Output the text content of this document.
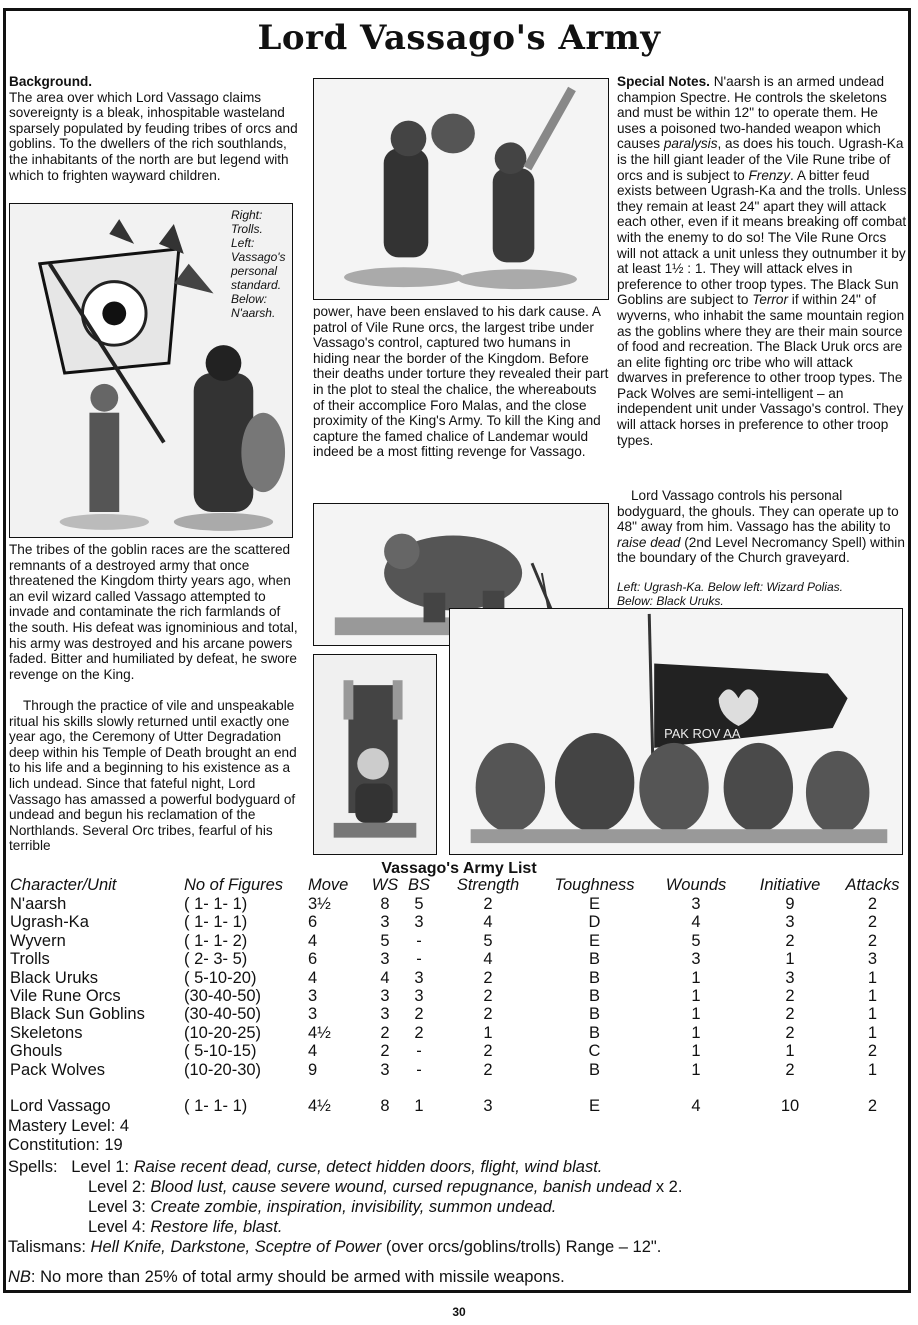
Lord Vassago's Army
Background.
The area over which Lord Vassago claims sovereignty is a bleak, inhospitable wasteland sparsely populated by feuding tribes of orcs and goblins. To the dwellers of the rich southlands, the inhabitants of the north are but legend with which to frighten wayward children.
Right:
Trolls.
Left:
Vassago's
personal
standard.
Below:
N'aarsh.
The tribes of the goblin races are the scattered remnants of a destroyed army that once threatened the Kingdom thirty years ago, when an evil wizard called Vassago attempted to invade and contaminate the rich farmlands of the south. His defeat was ignominious and total, his army was destroyed and his arcane powers faded. Bitter and humiliated by defeat, he swore revenge on the King.
Through the practice of vile and unspeakable ritual his skills slowly returned until exactly one year ago, the Ceremony of Utter Degradation deep within his Temple of Death brought an end to his life and a beginning to his existence as a lich undead. Since that fateful night, Lord Vassago has amassed a powerful bodyguard of undead and begun his reclamation of the Northlands. Several Orc tribes, fearful of his terrible
power, have been enslaved to his dark cause. A patrol of Vile Rune orcs, the largest tribe under Vassago's control, captured two humans in hiding near the border of the Kingdom. Before their deaths under torture they revealed their part in the plot to steal the chalice, the whereabouts of their accomplice Foro Malas, and the close proximity of the King's Army. To kill the King and capture the famed chalice of Landemar would indeed be a most fitting revenge for Vassago.
PAK ROV AA
Special Notes. N'aarsh is an armed undead champion Spectre. He controls the skeletons and must be within 12" to operate them. He uses a poisoned two-handed weapon which causes paralysis, as does his touch. Ugrash-Ka is the hill giant leader of the Vile Rune tribe of orcs and is subject to Frenzy. A bitter feud exists between Ugrash-Ka and the trolls. Unless they remain at least 24" apart they will attack each other, even if it means breaking off combat with the enemy to do so! The Vile Rune Orcs will not attack a unit unless they outnumber it by at least 1½ : 1. They will attack elves in preference to other troop types. The Black Sun Goblins are subject to Terror if within 24" of wyverns, who inhabit the same mountain region as the goblins where they are their main source of food and recreation. The Black Uruk orcs are an elite fighting orc tribe who will attack dwarves in preference to other troop types. The Pack Wolves are semi-intelligent – an independent unit under Vassago's control. They will attack horses in preference to other troop types.
Lord Vassago controls his personal bodyguard, the ghouls. They can operate up to 48" away from him. Vassago has the ability to raise dead (2nd Level Necromancy Spell) within the boundary of the Church graveyard.
Left: Ugrash-Ka. Below left: Wizard Polias.
Below: Black Uruks.
Vassago's Army List
Character/Unit	No of Figures	Move	WS	BS	Strength	Toughness	Wounds	Initiative	Attacks
N'aarsh	( 1- 1- 1)	3½	8	5	2	E	3	9	2
Ugrash-Ka	( 1- 1- 1)	6	3	3	4	D	4	3	2
Wyvern	( 1- 1- 2)	4	5	-	5	E	5	2	2
Trolls	( 2- 3- 5)	6	3	-	4	B	3	1	3
Black Uruks	( 5-10-20)	4	4	3	2	B	1	3	1
Vile Rune Orcs	(30-40-50)	3	3	3	2	B	1	2	1
Black Sun Goblins	(30-40-50)	3	3	2	2	B	1	2	1
Skeletons	(10-20-25)	4½	2	2	1	B	1	2	1
Ghouls	( 5-10-15)	4	2	-	2	C	1	1	2
Pack Wolves	(10-20-30)	9	3	-	2	B	1	2	1

Lord Vassago	( 1- 1- 1)	4½	8	1	3	E	4	10	2
Mastery Level: 4
Constitution: 19
Spells: Level 1: Raise recent dead, curse, detect hidden doors, flight, wind blast.
Level 2: Blood lust, cause severe wound, cursed repugnance, banish undead x 2.
Level 3: Create zombie, inspiration, invisibility, summon undead.
Level 4: Restore life, blast.
Talismans: Hell Knife, Darkstone, Sceptre of Power (over orcs/goblins/trolls) Range – 12".
NB: No more than 25% of total army should be armed with missile weapons.
30
